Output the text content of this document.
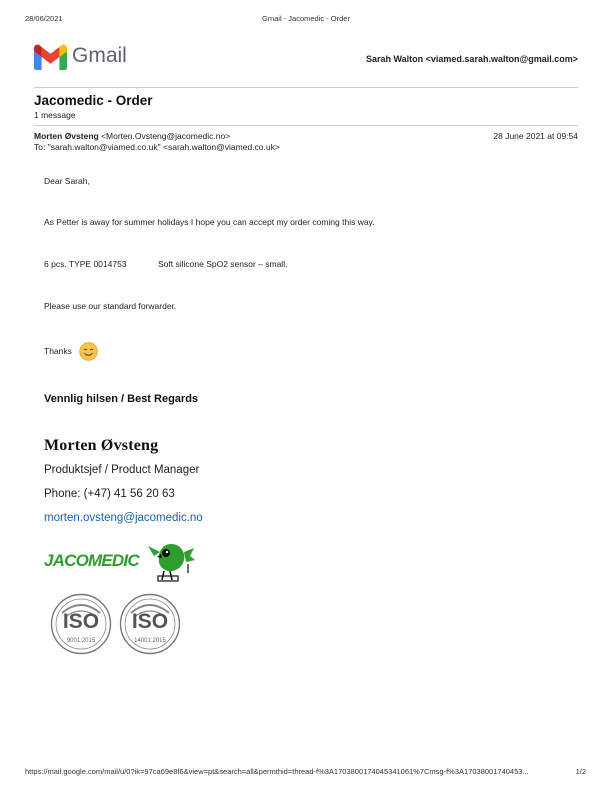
28/06/2021	Gmail - Jacomedic - Order
Gmail	Sarah Walton <viamed.sarah.walton@gmail.com>
Jacomedic - Order
1 message
Morten Øvsteng <Morten.Ovsteng@jacomedic.no>	28 June 2021 at 09:54
To: "sarah.walton@viamed.co.uk" <sarah.walton@viamed.co.uk>
Dear Sarah,
As Petter is away for summer holidays I hope you can accept my order coming this way.
6 pcs. TYPE 0014753	Soft silicone SpO2 sensor – small.
Please use our standard forwarder.
Thanks
Vennlig hilsen / Best Regards
Morten Øvsteng
Produktsjef / Product Manager
Phone: (+47) 41 56 20 63
morten.ovsteng@jacomedic.no
JACOMEDIC
ISO
9001:2015
ISO
14001:2015
https://mail.google.com/mail/u/0?ik=97ca69e8f6&view=pt&search=all&permthid=thread-f%3A1703800174045341061%7Cmsg-f%3A17038001740453...	1/2
